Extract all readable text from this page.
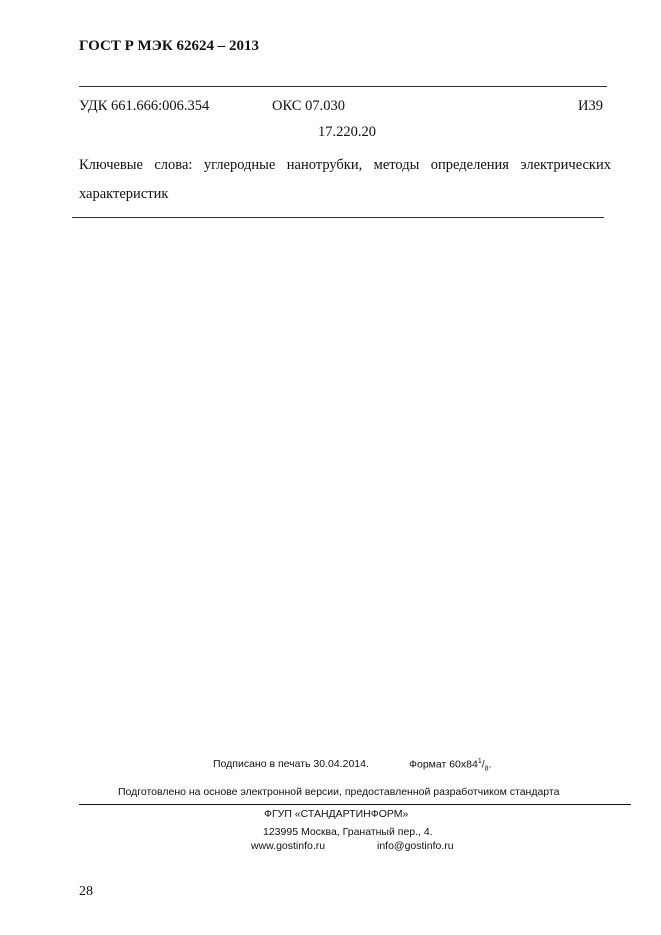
ГОСТ Р МЭК 62624 – 2013
УДК 661.666:006.354	ОКС 07.030	И39
17.220.20
Ключевые слова: углеродные нанотрубки, методы определения электрических характеристик
Подписано в печать 30.04.2014.	Формат $60x84^1/_8$.
Подготовлено на основе электронной версии, предоставленной разработчиком стандарта
ФГУП «СТАНДАРТИНФОРМ»
123995 Москва, Гранатный пер., 4.
www.gostinfo.ru	info@gostinfo.ru
28
